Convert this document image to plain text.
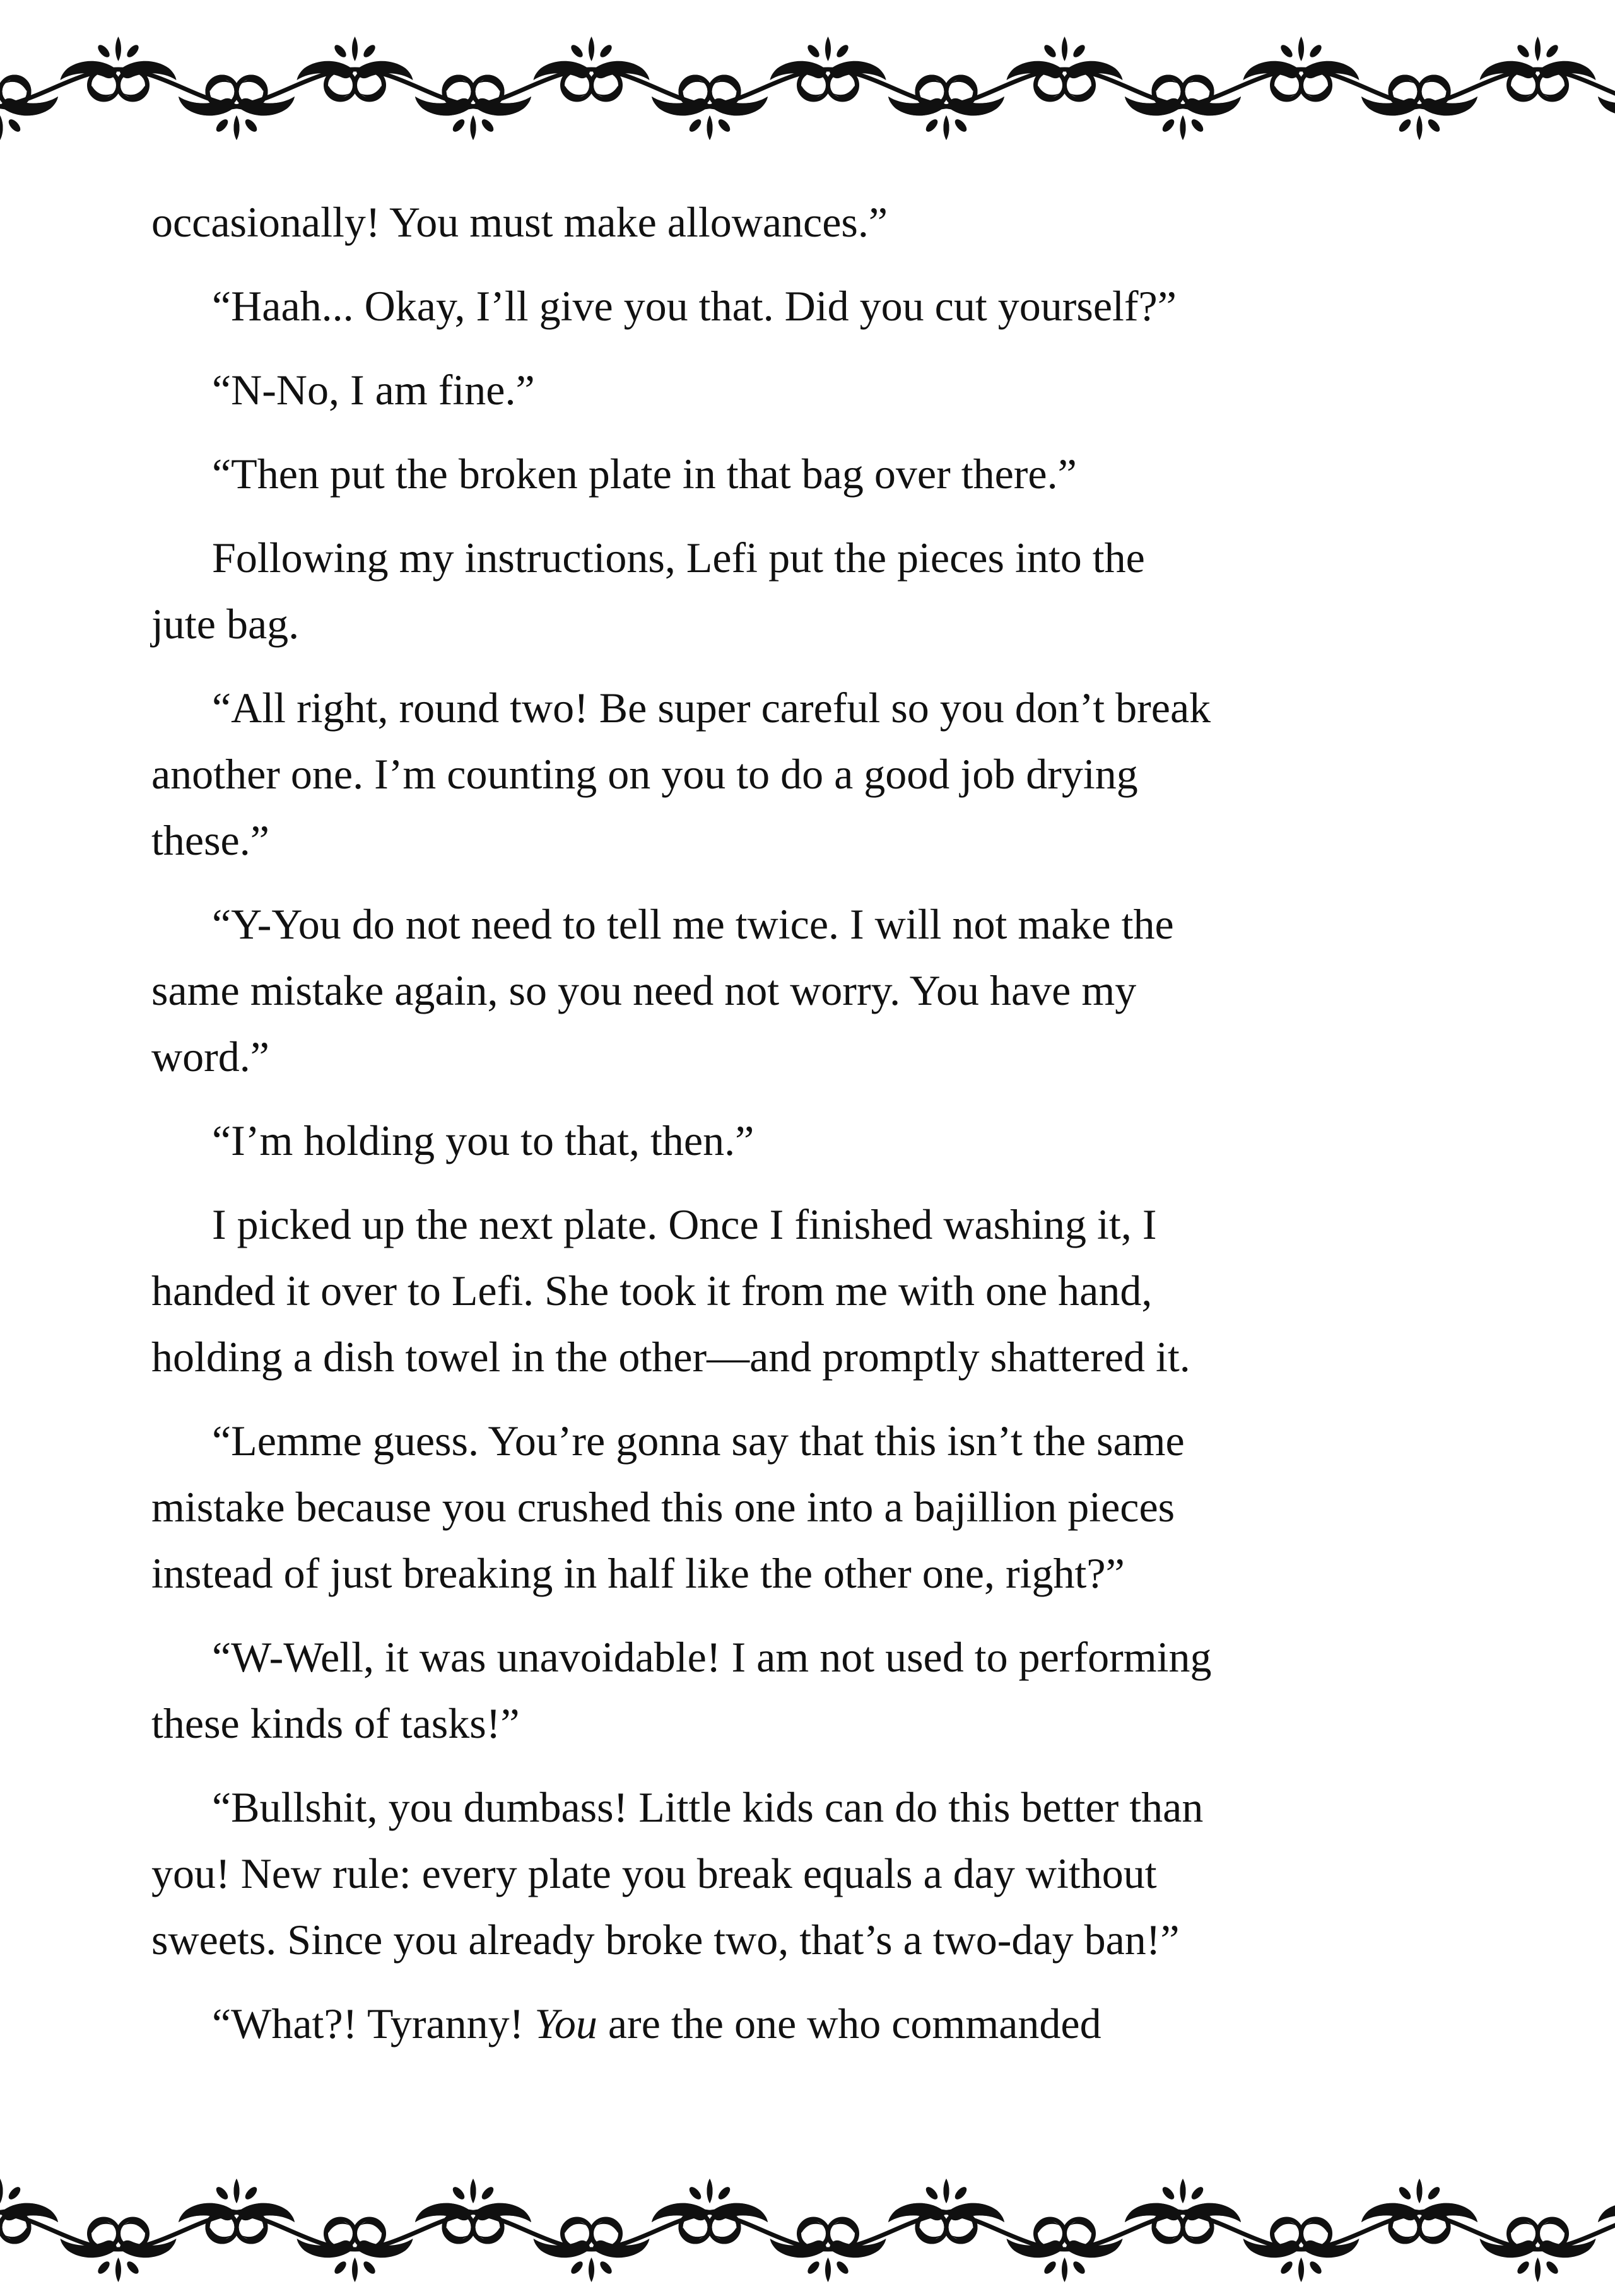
occasionally! You must make allowances.”

“Haah... Okay, I’ll give you that. Did you cut yourself?”

“N-No, I am fine.”

“Then put the broken plate in that bag over there.”

Following my instructions, Lefi put the pieces into the
jute bag.

“All right, round two! Be super careful so you don’t break
another one. I’m counting on you to do a good job drying
these.”

“Y-You do not need to tell me twice. I will not make the
same mistake again, so you need not worry. You have my
word.”

“I’m holding you to that, then.”

I picked up the next plate. Once I finished washing it, I
handed it over to Lefi. She took it from me with one hand,
holding a dish towel in the other—and promptly shattered it.

“Lemme guess. You’re gonna say that this isn’t the same
mistake because you crushed this one into a bajillion pieces
instead of just breaking in half like the other one, right?”

“W-Well, it was unavoidable! I am not used to performing
these kinds of tasks!”

“Bullshit, you dumbass! Little kids can do this better than
you! New rule: every plate you break equals a day without
sweets. Since you already broke two, that’s a two-day ban!”

“What?! Tyranny! You are the one who commanded
